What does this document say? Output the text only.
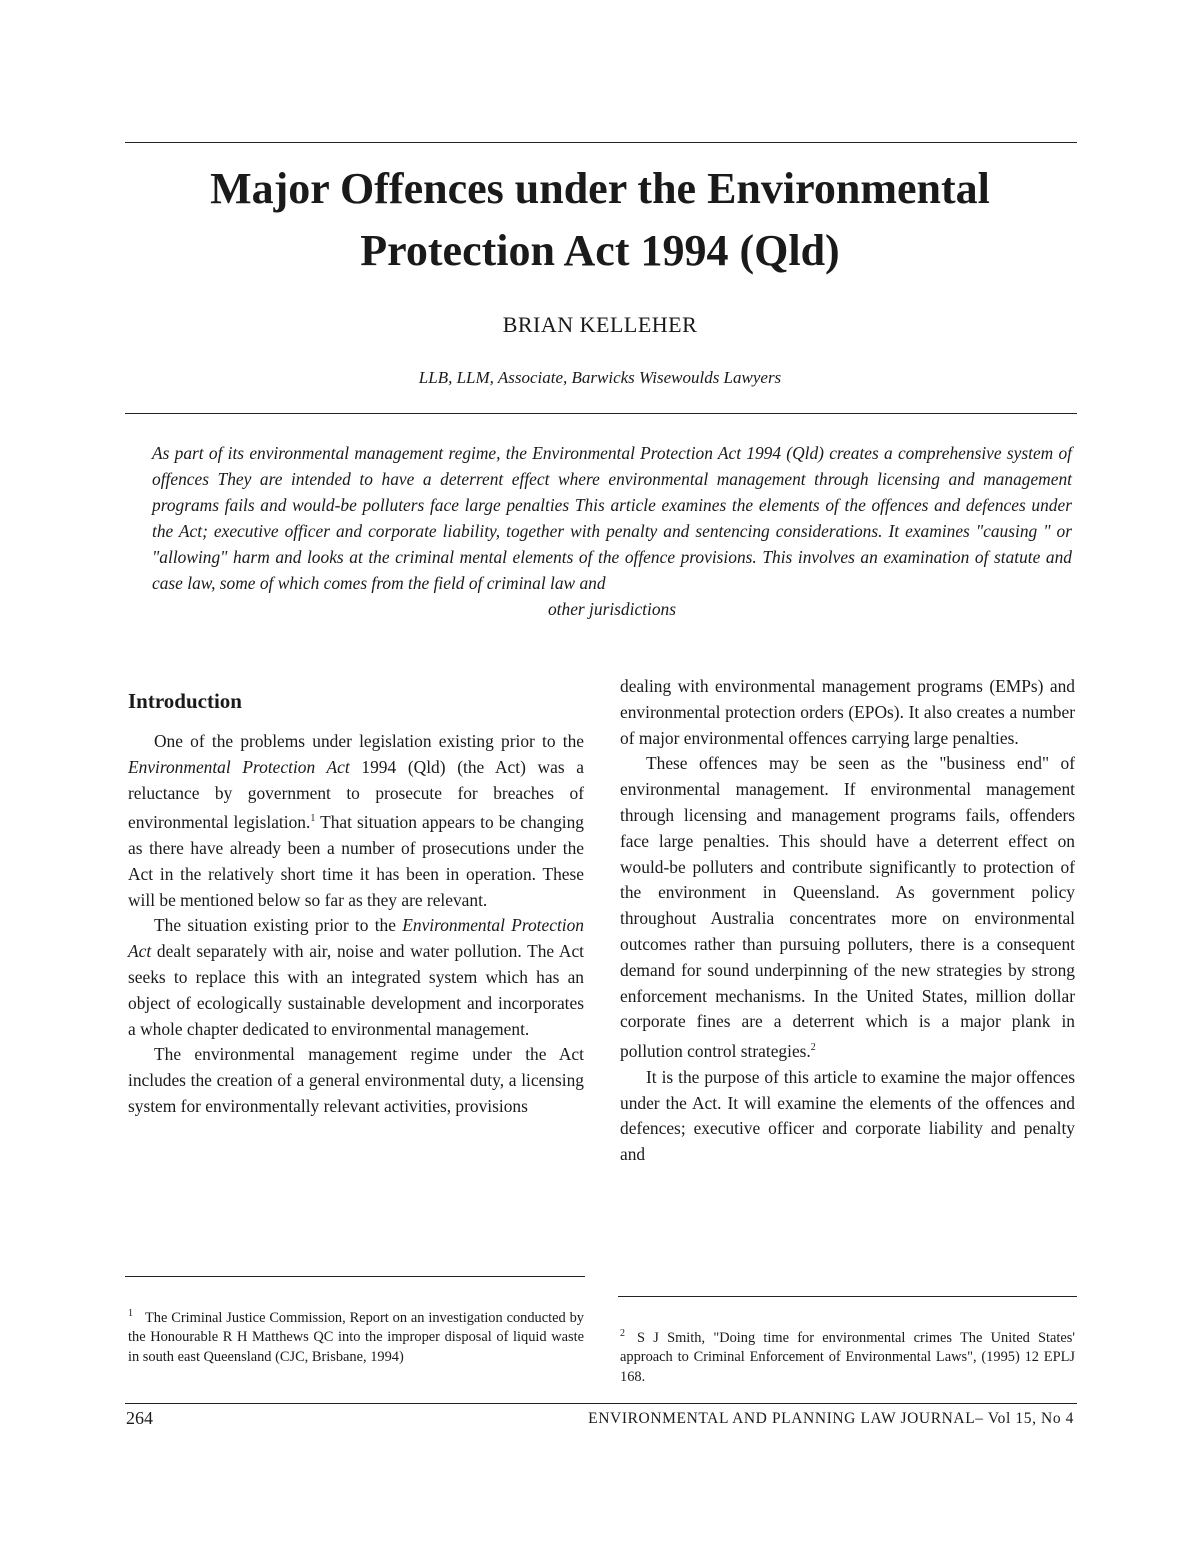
Major Offences under the Environmental
Protection Act 1994 (Qld)
BRIAN KELLEHER
LLB, LLM, Associate, Barwicks Wisewoulds Lawyers

As part of its environmental management regime, the Environmental Protection Act 1994 (Qld) creates a comprehensive system of offences They are intended to have a deterrent effect where environmental management through licensing and management programs fails and would-be polluters face large penalties This article examines the elements of the offences and defences under the Act; executive officer and corporate liability, together with penalty and sentencing considerations. It examines "causing " or "allowing" harm and looks at the criminal mental elements of the offence provisions. This involves an examination of statute and case law, some of which comes from the field of criminal law and

other jurisdictions

Introduction

One of the problems under legislation existing prior to the Environmental Protection Act 1994 (Qld) (the Act) was a reluctance by government to prosecute for breaches of environmental legislation.$^1$ That situation appears to be changing as there have already been a number of prosecutions under the Act in the relatively short time it has been in operation. These will be mentioned below so far as they are relevant.

The situation existing prior to the Environmental Protection Act dealt separately with air, noise and water pollution. The Act seeks to replace this with an integrated system which has an object of ecologically sustainable development and incorporates a whole chapter dedicated to environmental management.

The environmental management regime under the Act includes the creation of a general environmental duty, a licensing system for environmentally relevant activities, provisions

dealing with environmental management programs (EMPs) and environmental protection orders (EPOs). It also creates a number of major environmental offences carrying large penalties.

These offences may be seen as the "business end" of environmental management. If environmental management through licensing and management programs fails, offenders face large penalties. This should have a deterrent effect on would-be polluters and contribute significantly to protection of the environment in Queensland. As government policy throughout Australia concentrates more on environmental outcomes rather than pursuing polluters, there is a consequent demand for sound underpinning of the new strategies by strong enforcement mechanisms. In the United States, million dollar corporate fines are a deterrent which is a major plank in pollution control strategies.$^2$

It is the purpose of this article to examine the major offences under the Act. It will examine the elements of the offences and defences; executive officer and corporate liability and penalty and

$^1$ The Criminal Justice Commission, Report on an investigation conducted by the Honourable R H Matthews QC into the improper disposal of liquid waste in south east Queensland (CJC, Brisbane, 1994)
$^2$ S J Smith, "Doing time for environmental crimes The United States' approach to Criminal Enforcement of Environmental Laws", (1995) 12 EPLJ 168.
264	ENVIRONMENTAL AND PLANNING LAW JOURNAL– Vol 15, No 4
